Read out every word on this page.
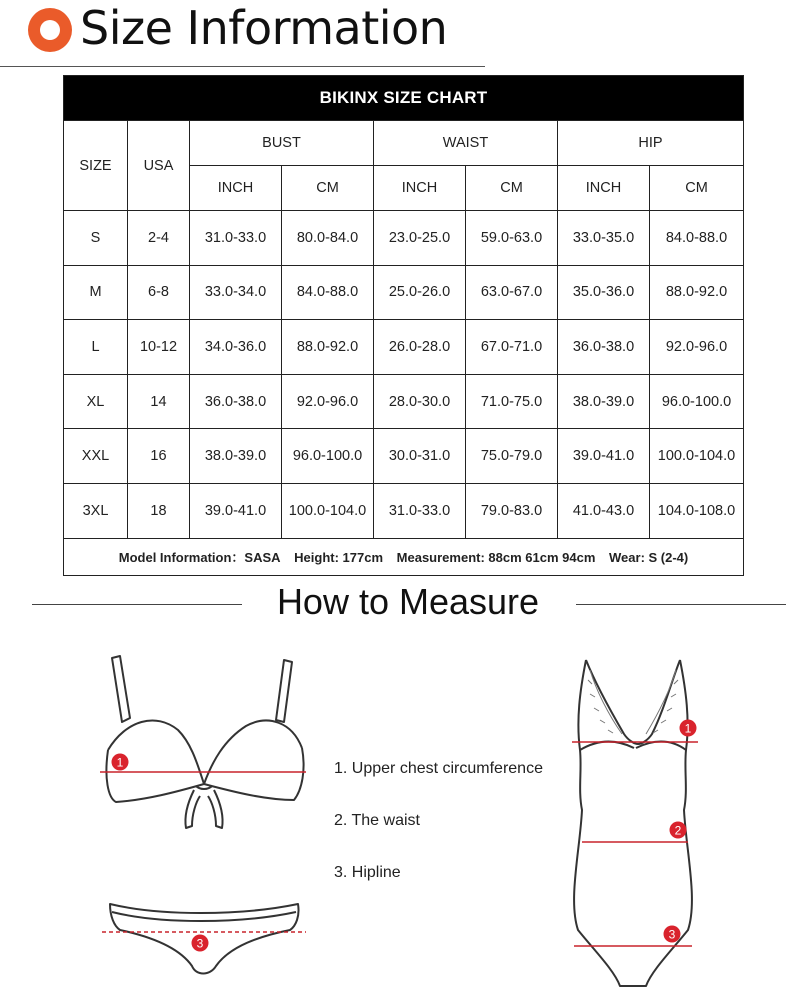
Size Information
BIKINX SIZE CHART							
SIZE	USA	BUST		WAIST		HIP	
		INCH	CM	INCH	CM	INCH	CM
S	2-4	31.0-33.0	80.0-84.0	23.0-25.0	59.0-63.0	33.0-35.0	84.0-88.0
M	6-8	33.0-34.0	84.0-88.0	25.0-26.0	63.0-67.0	35.0-36.0	88.0-92.0
L	10-12	34.0-36.0	88.0-92.0	26.0-28.0	67.0-71.0	36.0-38.0	92.0-96.0
XL	14	36.0-38.0	92.0-96.0	28.0-30.0	71.0-75.0	38.0-39.0	96.0-100.0
XXL	16	38.0-39.0	96.0-100.0	30.0-31.0	75.0-79.0	39.0-41.0	100.0-104.0
3XL	18	39.0-41.0	100.0-104.0	31.0-33.0	79.0-83.0	41.0-43.0	104.0-108.0
Model Information：SASA Height: 177cm Measurement: 88cm 61cm 94cm Wear: S (2-4)							
How to Measure
1
3
1. Upper chest circumference
2. The waist
3. Hipline
1
2
3
